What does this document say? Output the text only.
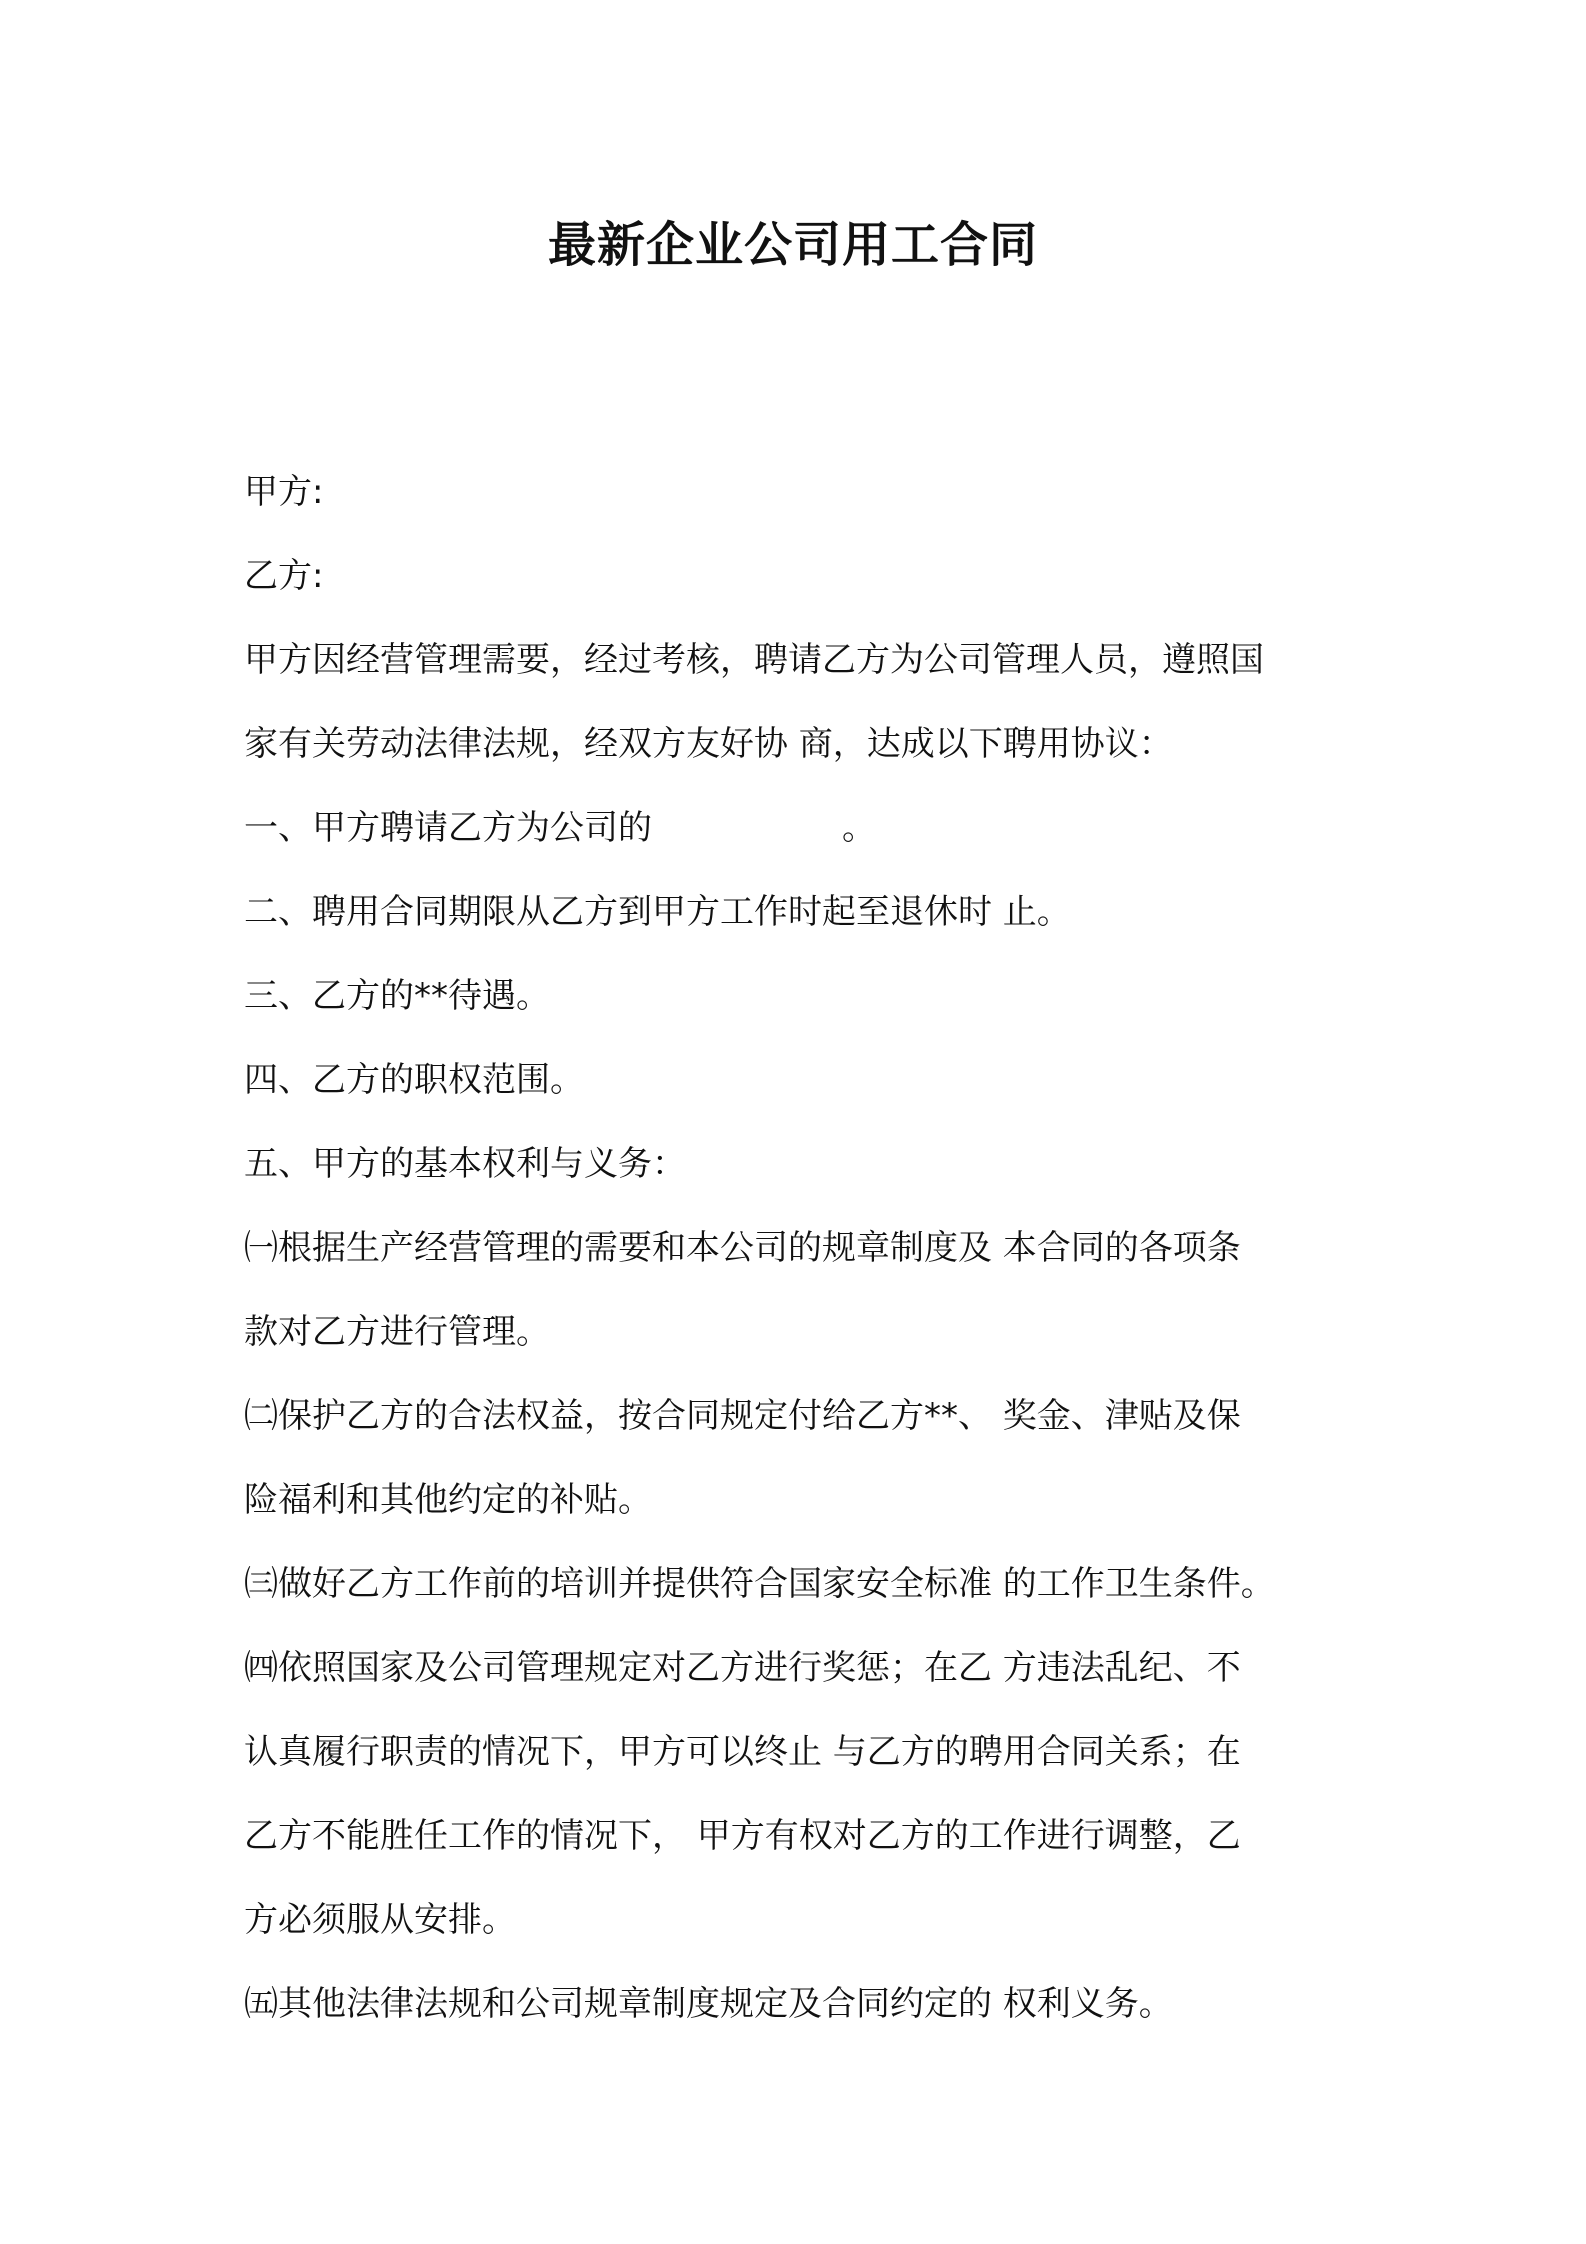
最新企业公司用工合同

甲方:

乙方:

甲方因经营管理需要，经过考核，聘请乙方为公司管理人员，遵照国

家有关劳动法律法规，经双方友好协 商，达成以下聘用协议：

一、甲方聘请乙方为公司的	。

二、聘用合同期限从乙方到甲方工作时起至退休时 止。

三、乙方的**待遇。

四、乙方的职权范围。

五、甲方的基本权利与义务：

㈠根据生产经营管理的需要和本公司的规章制度及 本合同的各项条

款对乙方进行管理。

㈡保护乙方的合法权益，按合同规定付给乙方**、 奖金、津贴及保

险福利和其他约定的补贴。

㈢做好乙方工作前的培训并提供符合国家安全标准 的工作卫生条件。

㈣依照国家及公司管理规定对乙方进行奖惩；在乙 方违法乱纪、不

认真履行职责的情况下，甲方可以终止 与乙方的聘用合同关系；在

乙方不能胜任工作的情况下， 甲方有权对乙方的工作进行调整，乙

方必须服从安排。

㈤其他法律法规和公司规章制度规定及合同约定的 权利义务。
